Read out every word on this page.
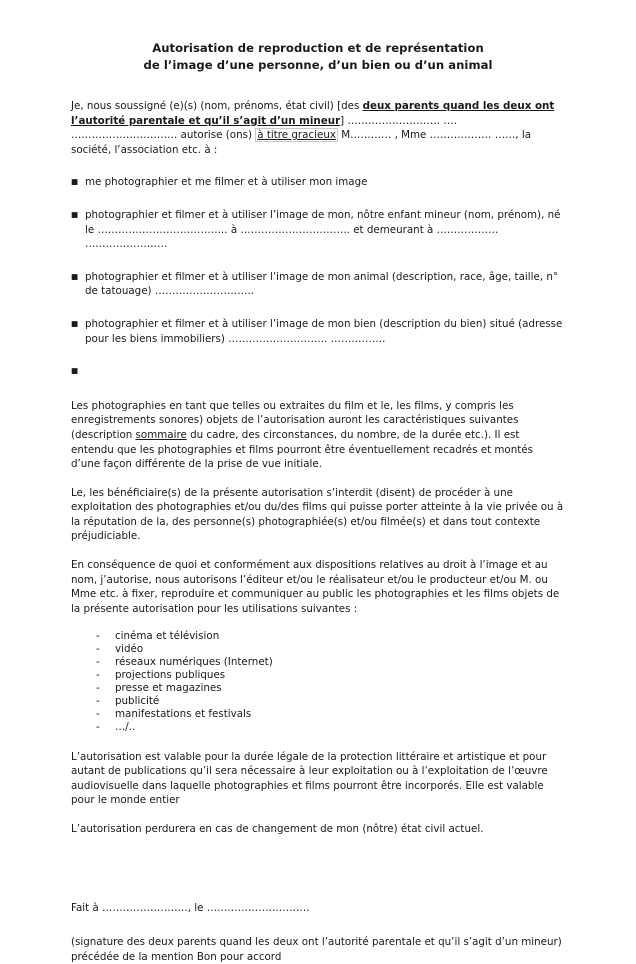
Autorisation de reproduction et de représentation
de l’image d’une personne, d’un bien ou d’un animal

Je, nous soussigné (e)(s) (nom, prénoms, état civil) [des deux parents quand les deux ont l’autorité parentale et qu’il s’agit d’un mineur] ……………………… ….
…………………………. autorise (ons) à titre gracieux M………… , Mme ……………… ……, la société, l’association etc. à :

■ me photographier et me filmer et à utiliser mon image
■ photographier et filmer et à utiliser l’image de mon, nôtre enfant mineur (nom, prénom), né le ……………………………….. à ………………………….. et demeurant à ……………… ……………………
■ photographier et filmer et à utiliser l’image de mon animal (description, race, âge, taille, n° de tatouage) ………………………..
■ photographier et filmer et à utiliser l’image de mon bien (description du bien) situé (adresse pour les biens immobiliers) ……………………….. …………….
■

Les photographies en tant que telles ou extraites du film et le, les films, y compris les enregistrements sonores) objets de l’autorisation auront les caractéristiques suivantes (description sommaire du cadre, des circonstances, du nombre, de la durée etc.). Il est entendu que les photographies et films pourront être éventuellement recadrés et montés d’une façon différente de la prise de vue initiale.

Le, les bénéficiaire(s) de la présente autorisation s’interdit (disent) de procéder à une exploitation des photographies et/ou du/des films qui puisse porter atteinte à la vie privée ou à la réputation de la, des personne(s) photographiée(s) et/ou filmée(s) et dans tout contexte préjudiciable.

En conséquence de quoi et conformément aux dispositions relatives au droit à l’image et au nom, j’autorise, nous autorisons l’éditeur et/ou le réalisateur et/ou le producteur et/ou M. ou Mme etc. à fixer, reproduire et communiquer au public les photographies et les films objets de la présente autorisation pour les utilisations suivantes :

- cinéma et télévision
- vidéo
- réseaux numériques (Internet)
- projections publiques
- presse et magazines
- publicité
- manifestations et festivals
- …/..

L’autorisation est valable pour la durée légale de la protection littéraire et artistique et pour autant de publications qu’il sera nécessaire à leur exploitation ou à l’exploitation de l’œuvre audiovisuelle dans laquelle photographies et films pourront être incorporés. Elle est valable pour le monde entier

L’autorisation perdurera en cas de changement de mon (nôtre) état civil actuel.

Fait à ……………………., le …………………………

(signature des deux parents quand les deux ont l’autorité parentale et qu’il s’agit d’un mineur)
précédée de la mention Bon pour accord
